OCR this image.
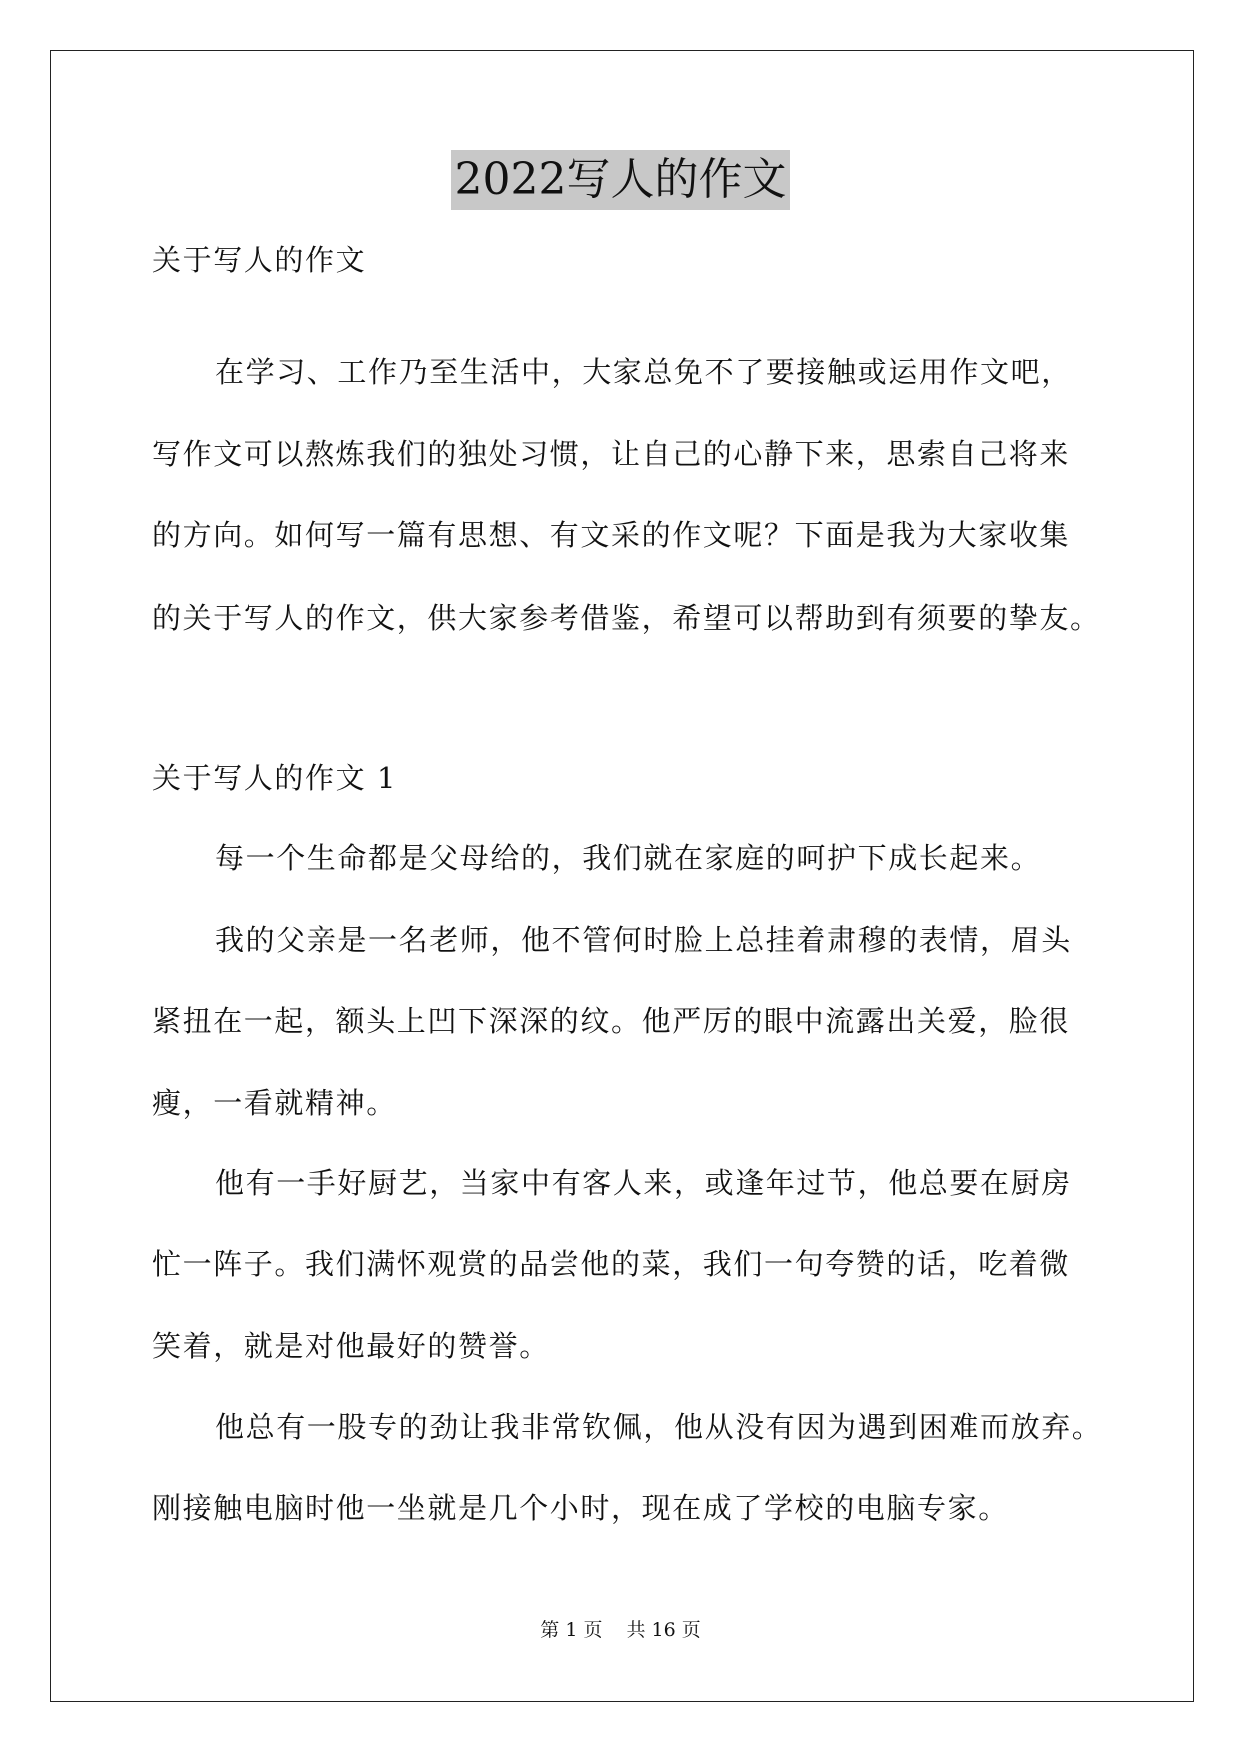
2022写人的作文
关于写人的作文
在学习、工作乃至生活中，大家总免不了要接触或运用作文吧，
写作文可以熬炼我们的独处习惯，让自己的心静下来，思索自己将来
的方向。如何写一篇有思想、有文采的作文呢？下面是我为大家收集
的关于写人的作文，供大家参考借鉴，希望可以帮助到有须要的挚友。
关于写人的作文 1
每一个生命都是父母给的，我们就在家庭的呵护下成长起来。
我的父亲是一名老师，他不管何时脸上总挂着肃穆的表情，眉头
紧扭在一起，额头上凹下深深的纹。他严厉的眼中流露出关爱，脸很
瘦，一看就精神。
他有一手好厨艺，当家中有客人来，或逢年过节，他总要在厨房
忙一阵子。我们满怀观赏的品尝他的菜，我们一句夸赞的话，吃着微
笑着，就是对他最好的赞誉。
他总有一股专的劲让我非常钦佩，他从没有因为遇到困难而放弃。
刚接触电脑时他一坐就是几个小时，现在成了学校的电脑专家。
第 1 页 共 16 页
